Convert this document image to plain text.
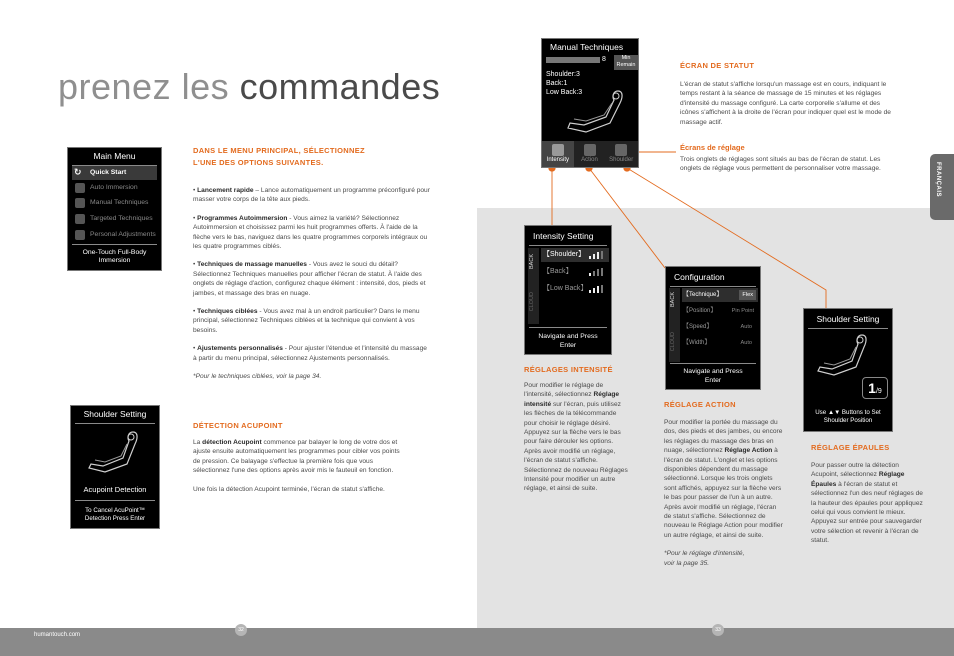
humantouch.com
32	33
FRANÇAIS
prenez les commandes
Main Menu
↻	Quick Start
Auto Immersion
Manual Techniques
Targeted Techniques
Personal Adjustments
One-Touch Full-Body
Immersion
Shoulder Setting
Acupoint Detection
To Cancel AcuPoint™
Detection Press Enter
DANS LE MENU PRINCIPAL, SÉLECTIONNEZ
L'UNE DES OPTIONS SUIVANTES.

• Lancement rapide – Lance automatiquement un programme préconfiguré pour masser votre corps de la tête aux pieds.

• Programmes Autoimmersion - Vous aimez la variété? Sélectionnez Autoimmersion et choisissez parmi les huit programmes offerts. À l'aide de la flèche vers le bas, naviguez dans les quatre programmes corporels intégraux ou les quatre programmes ciblés.

• Techniques de massage manuelles - Vous avez le souci du détail? Sélectionnez Techniques manuelles pour afficher l'écran de statut. À l'aide des onglets de réglage d'action, configurez chaque élément : intensité, dos, pieds et jambes, et massage des bras en nuage.

• Techniques ciblées - Vous avez mal à un endroit particulier? Dans le menu principal, sélectionnez Techniques ciblées et la technique qui convient à vos besoins.

• Ajustements personnalisés - Pour ajuster l'étendue et l'intensité du massage à partir du menu principal, sélectionnez Ajustements personnalisés.

*Pour le techniques ciblées, voir la page 34.

DÉTECTION ACUPOINT

La détection Acupoint commence par balayer le long de votre dos et ajuste ensuite automatiquement les programmes pour cibler vos points de pression. Ce balayage s'effectue la première fois que vous sélectionnez l'une des options après avoir mis le fauteuil en fonction.

Une fois la détection Acupoint terminée, l'écran de statut s'affiche.

Manual Techniques
8	Min
Remain
Shoulder:3
Back:1
Low Back:3
Intensity	Action	Shoulder
ÉCRAN DE STATUT
L'écran de statut s'affiche lorsqu'un massage est en cours, indiquant le temps restant à la séance de massage de 15 minutes et les réglages d'intensité du massage configuré. La carte corporelle s'allume et des icônes s'affichent à la droite de l'écran pour indiquer quel est le mode de massage actif.
Écrans de réglage
Trois onglets de réglages sont situés au bas de l'écran de statut. Les onglets de réglage vous permettent de personnaliser votre massage.
Intensity Setting
BACK
CLOUD
【Shoulder】
【Back】
【Low Back】
Navigate and Press
Enter
RÉGLAGES INTENSITÉ
Pour modifier le réglage de l'intensité, sélectionnez Réglage intensité sur l'écran, puis utilisez les flèches de la télécommande pour choisir le réglage désiré. Appuyez sur la flèche vers le bas pour faire dérouler les options. Après avoir modifié un réglage, l'écran de statut s'affiche. Sélectionnez de nouveau Réglages Intensité pour modifier un autre réglage, et ainsi de suite.
Configuration
BACK
CLOUD
【Technique】	Flex
【Position】	Pin Point
【Speed】	Auto
【Width】	Auto
Navigate and Press
Enter
RÉGLAGE ACTION

Pour modifier la portée du massage du dos, des pieds et des jambes, ou encore les réglages du massage des bras en nuage, sélectionnez Réglage Action à l'écran de statut. L'onglet et les options disponibles dépendent du massage sélectionné. Lorsque les trois onglets sont affichés, appuyez sur la flèche vers le bas pour passer de l'un à un autre. Après avoir modifié un réglage, l'écran de statut s'affiche. Sélectionnez de nouveau le Réglage Action pour modifier un autre réglage, et ainsi de suite.

*Pour le réglage d'intensité,
voir la page 35.
Shoulder Setting
1/9
Use ▲▼ Buttons to Set
Shoulder Position
RÉGLAGE ÉPAULES
Pour passer outre la détection Acupoint, sélectionnez Réglage Épaules à l'écran de statut et sélectionnez l'un des neuf réglages de la hauteur des épaules pour appliquez celui qui vous convient le mieux. Appuyez sur entrée pour sauvegarder votre sélection et revenir à l'écran de statut.
